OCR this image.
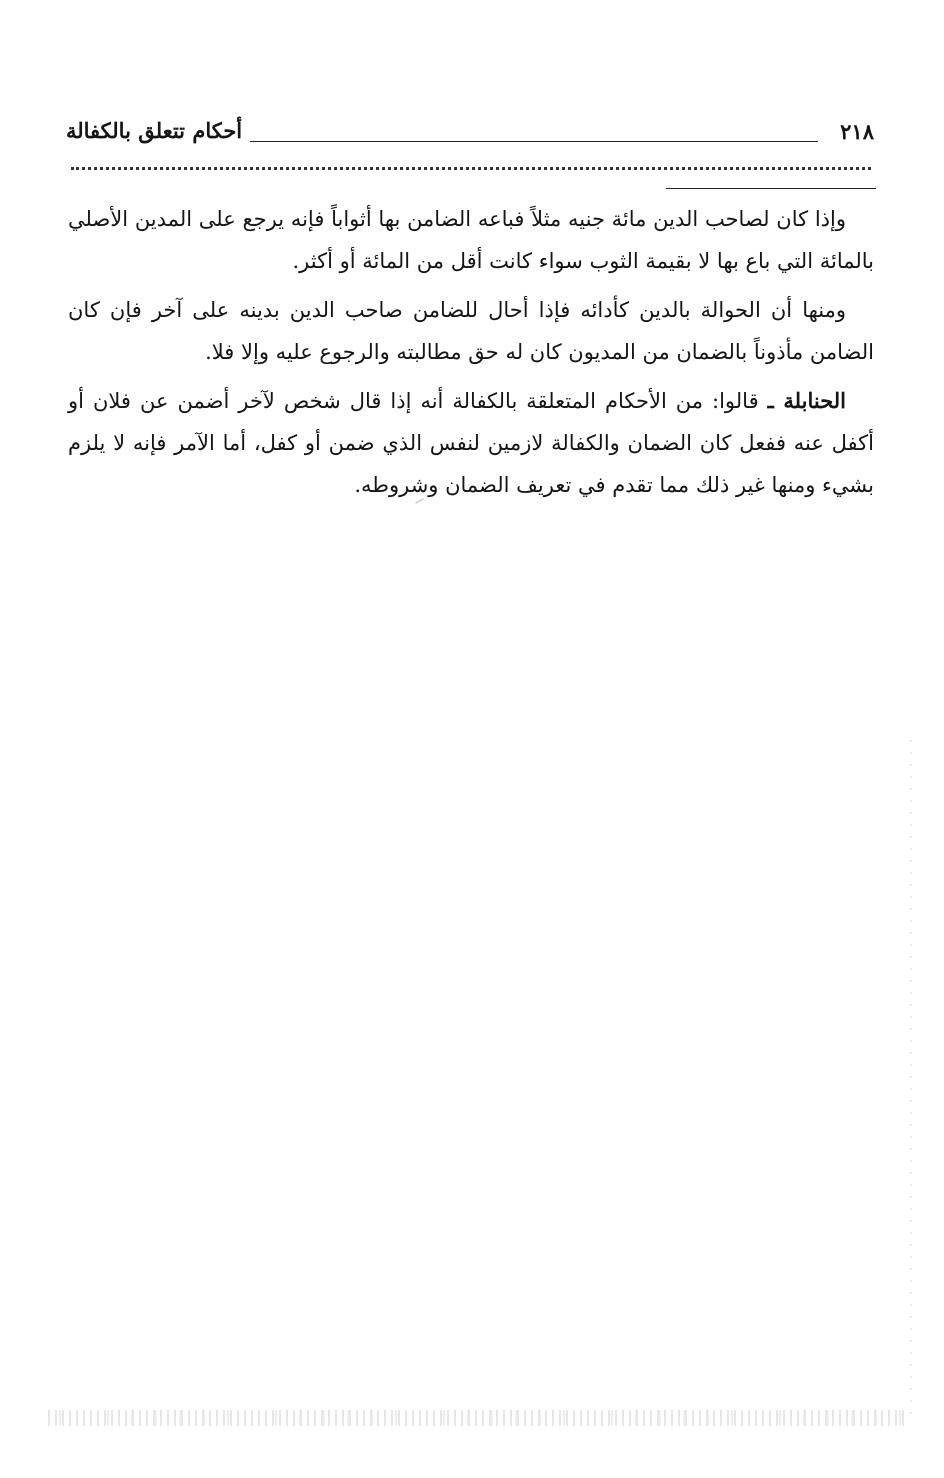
٢١٨
أحكام تتعلق بالكفالة

وإذا كان لصاحب الدين مائة جنيه مثلاً فباعه الضامن بها أثواباً فإنه يرجع على المدين الأصلي بالمائة التي باع بها لا بقيمة الثوب سواء كانت أقل من المائة أو أكثر.

ومنها أن الحوالة بالدين كأدائه فإذا أحال للضامن صاحب الدين بدينه على آخر فإن كان الضامن مأذوناً بالضمان من المديون كان له حق مطالبته والرجوع عليه وإلا فلا.

الحنابلة ـ قالوا: من الأحكام المتعلقة بالكفالة أنه إذا قال شخص لآخر أضمن عن فلان أو أكفل عنه ففعل كان الضمان والكفالة لازمين لنفس الذي ضمن أو كفل، أما الآمر فإنه لا يلزم بشيء ومنها غير ذلك مما تقدم في تعريف الضمان وشروطه.
